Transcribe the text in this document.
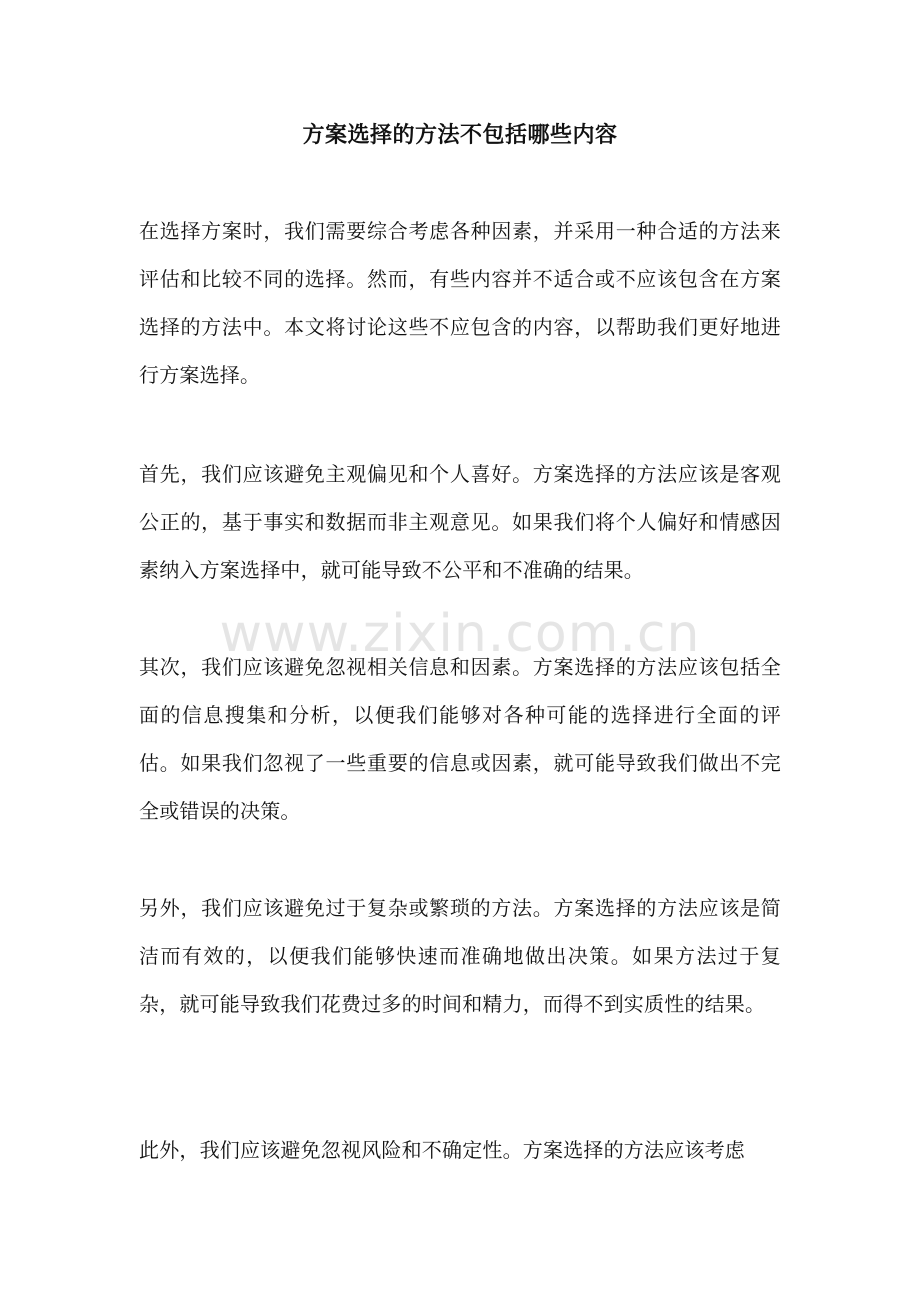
方案选择的方法不包括哪些内容

在选择方案时，我们需要综合考虑各种因素，并采用一种合适的方法来评估和比较不同的选择。然而，有些内容并不适合或不应该包含在方案选择的方法中。本文将讨论这些不应包含的内容，以帮助我们更好地进行方案选择。

首先，我们应该避免主观偏见和个人喜好。方案选择的方法应该是客观公正的，基于事实和数据而非主观意见。如果我们将个人偏好和情感因素纳入方案选择中，就可能导致不公平和不准确的结果。

其次，我们应该避免忽视相关信息和因素。方案选择的方法应该包括全面的信息搜集和分析，以便我们能够对各种可能的选择进行全面的评估。如果我们忽视了一些重要的信息或因素，就可能导致我们做出不完全或错误的决策。

另外，我们应该避免过于复杂或繁琐的方法。方案选择的方法应该是简洁而有效的，以便我们能够快速而准确地做出决策。如果方法过于复杂，就可能导致我们花费过多的时间和精力，而得不到实质性的结果。

此外，我们应该避免忽视风险和不确定性。方案选择的方法应该考虑

www.zixin.com.cn
